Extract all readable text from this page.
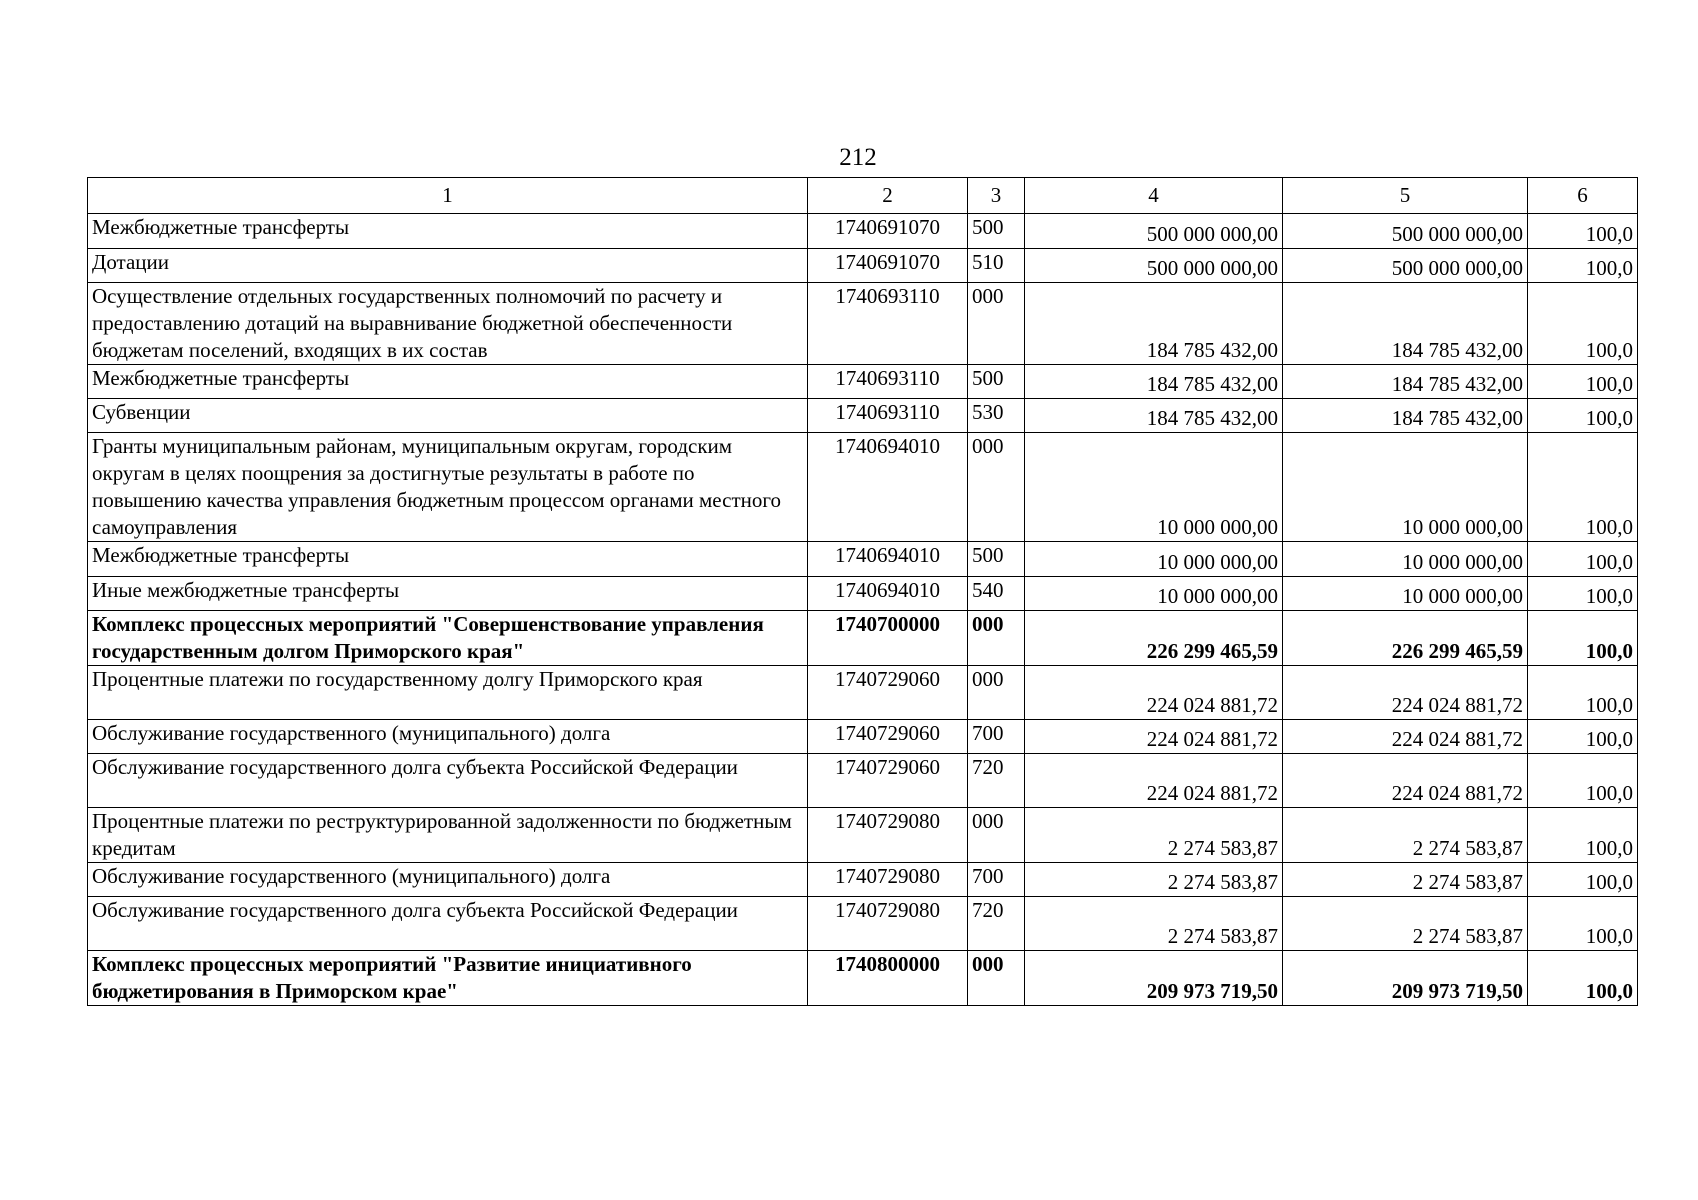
212
1	2	3	4	5	6
Межбюджетные трансферты	1740691070	500	500 000 000,00	500 000 000,00	100,0
Дотации	1740691070	510	500 000 000,00	500 000 000,00	100,0
Осуществление отдельных государственных полномочий по расчету и предоставлению дотаций на выравнивание бюджетной обеспеченности бюджетам поселений, входящих в их состав	1740693110	000	184 785 432,00	184 785 432,00	100,0
Межбюджетные трансферты	1740693110	500	184 785 432,00	184 785 432,00	100,0
Субвенции	1740693110	530	184 785 432,00	184 785 432,00	100,0
Гранты муниципальным районам, муниципальным округам, городским округам в целях поощрения за достигнутые результаты в работе по повышению качества управления бюджетным процессом органами местного самоуправления	1740694010	000	10 000 000,00	10 000 000,00	100,0
Межбюджетные трансферты	1740694010	500	10 000 000,00	10 000 000,00	100,0
Иные межбюджетные трансферты	1740694010	540	10 000 000,00	10 000 000,00	100,0
Комплекс процессных мероприятий "Совершенствование управления государственным долгом Приморского края"	1740700000	000	226 299 465,59	226 299 465,59	100,0
Процентные платежи по государственному долгу Приморского края	1740729060	000	224 024 881,72	224 024 881,72	100,0
Обслуживание государственного (муниципального) долга	1740729060	700	224 024 881,72	224 024 881,72	100,0
Обслуживание государственного долга субъекта Российской Федерации	1740729060	720	224 024 881,72	224 024 881,72	100,0
Процентные платежи по реструктурированной задолженности по бюджетным кредитам	1740729080	000	2 274 583,87	2 274 583,87	100,0
Обслуживание государственного (муниципального) долга	1740729080	700	2 274 583,87	2 274 583,87	100,0
Обслуживание государственного долга субъекта Российской Федерации	1740729080	720	2 274 583,87	2 274 583,87	100,0
Комплекс процессных мероприятий "Развитие инициативного бюджетирования в Приморском крае"	1740800000	000	209 973 719,50	209 973 719,50	100,0
